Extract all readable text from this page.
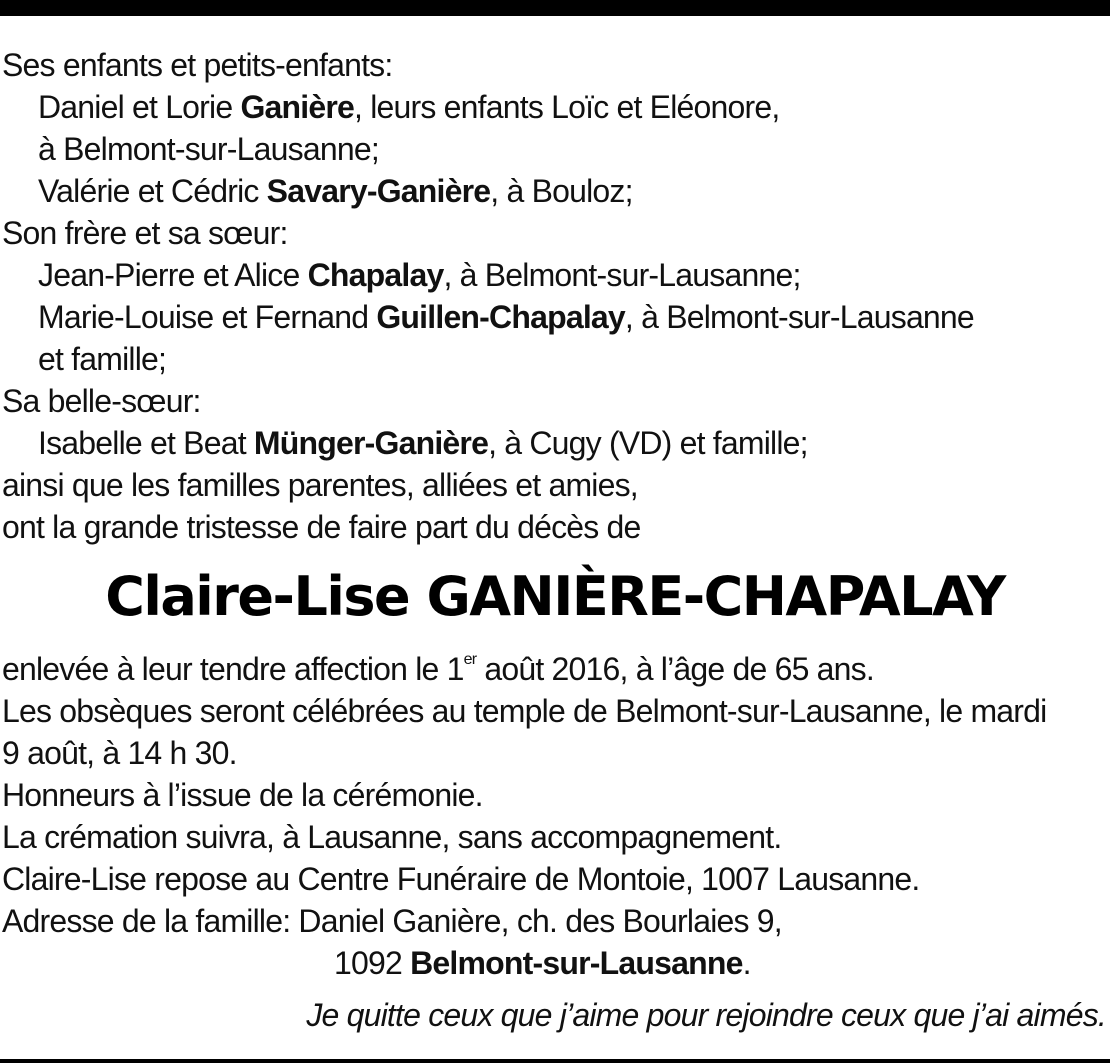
Ses enfants et petits-enfants:
Daniel et Lorie Ganière, leurs enfants Loïc et Eléonore,
à Belmont-sur-Lausanne;
Valérie et Cédric Savary-Ganière, à Bouloz;
Son frère et sa sœur:
Jean-Pierre et Alice Chapalay, à Belmont-sur-Lausanne;
Marie-Louise et Fernand Guillen-Chapalay, à Belmont-sur-Lausanne
et famille;
Sa belle-sœur:
Isabelle et Beat Münger-Ganière, à Cugy (VD) et famille;
ainsi que les familles parentes, alliées et amies,
ont la grande tristesse de faire part du décès de
Claire-Lise GANIÈRE-CHAPALAY
enlevée à leur tendre affection le 1er août 2016, à l’âge de 65 ans.
Les obsèques seront célébrées au temple de Belmont-sur-Lausanne, le mardi
9 août, à 14 h 30.
Honneurs à l’issue de la cérémonie.
La crémation suivra, à Lausanne, sans accompagnement.
Claire-Lise repose au Centre Funéraire de Montoie, 1007 Lausanne.
Adresse de la famille: Daniel Ganière, ch. des Bourlaies 9,
1092 Belmont-sur-Lausanne.
Je quitte ceux que j’aime pour rejoindre ceux que j’ai aimés.
